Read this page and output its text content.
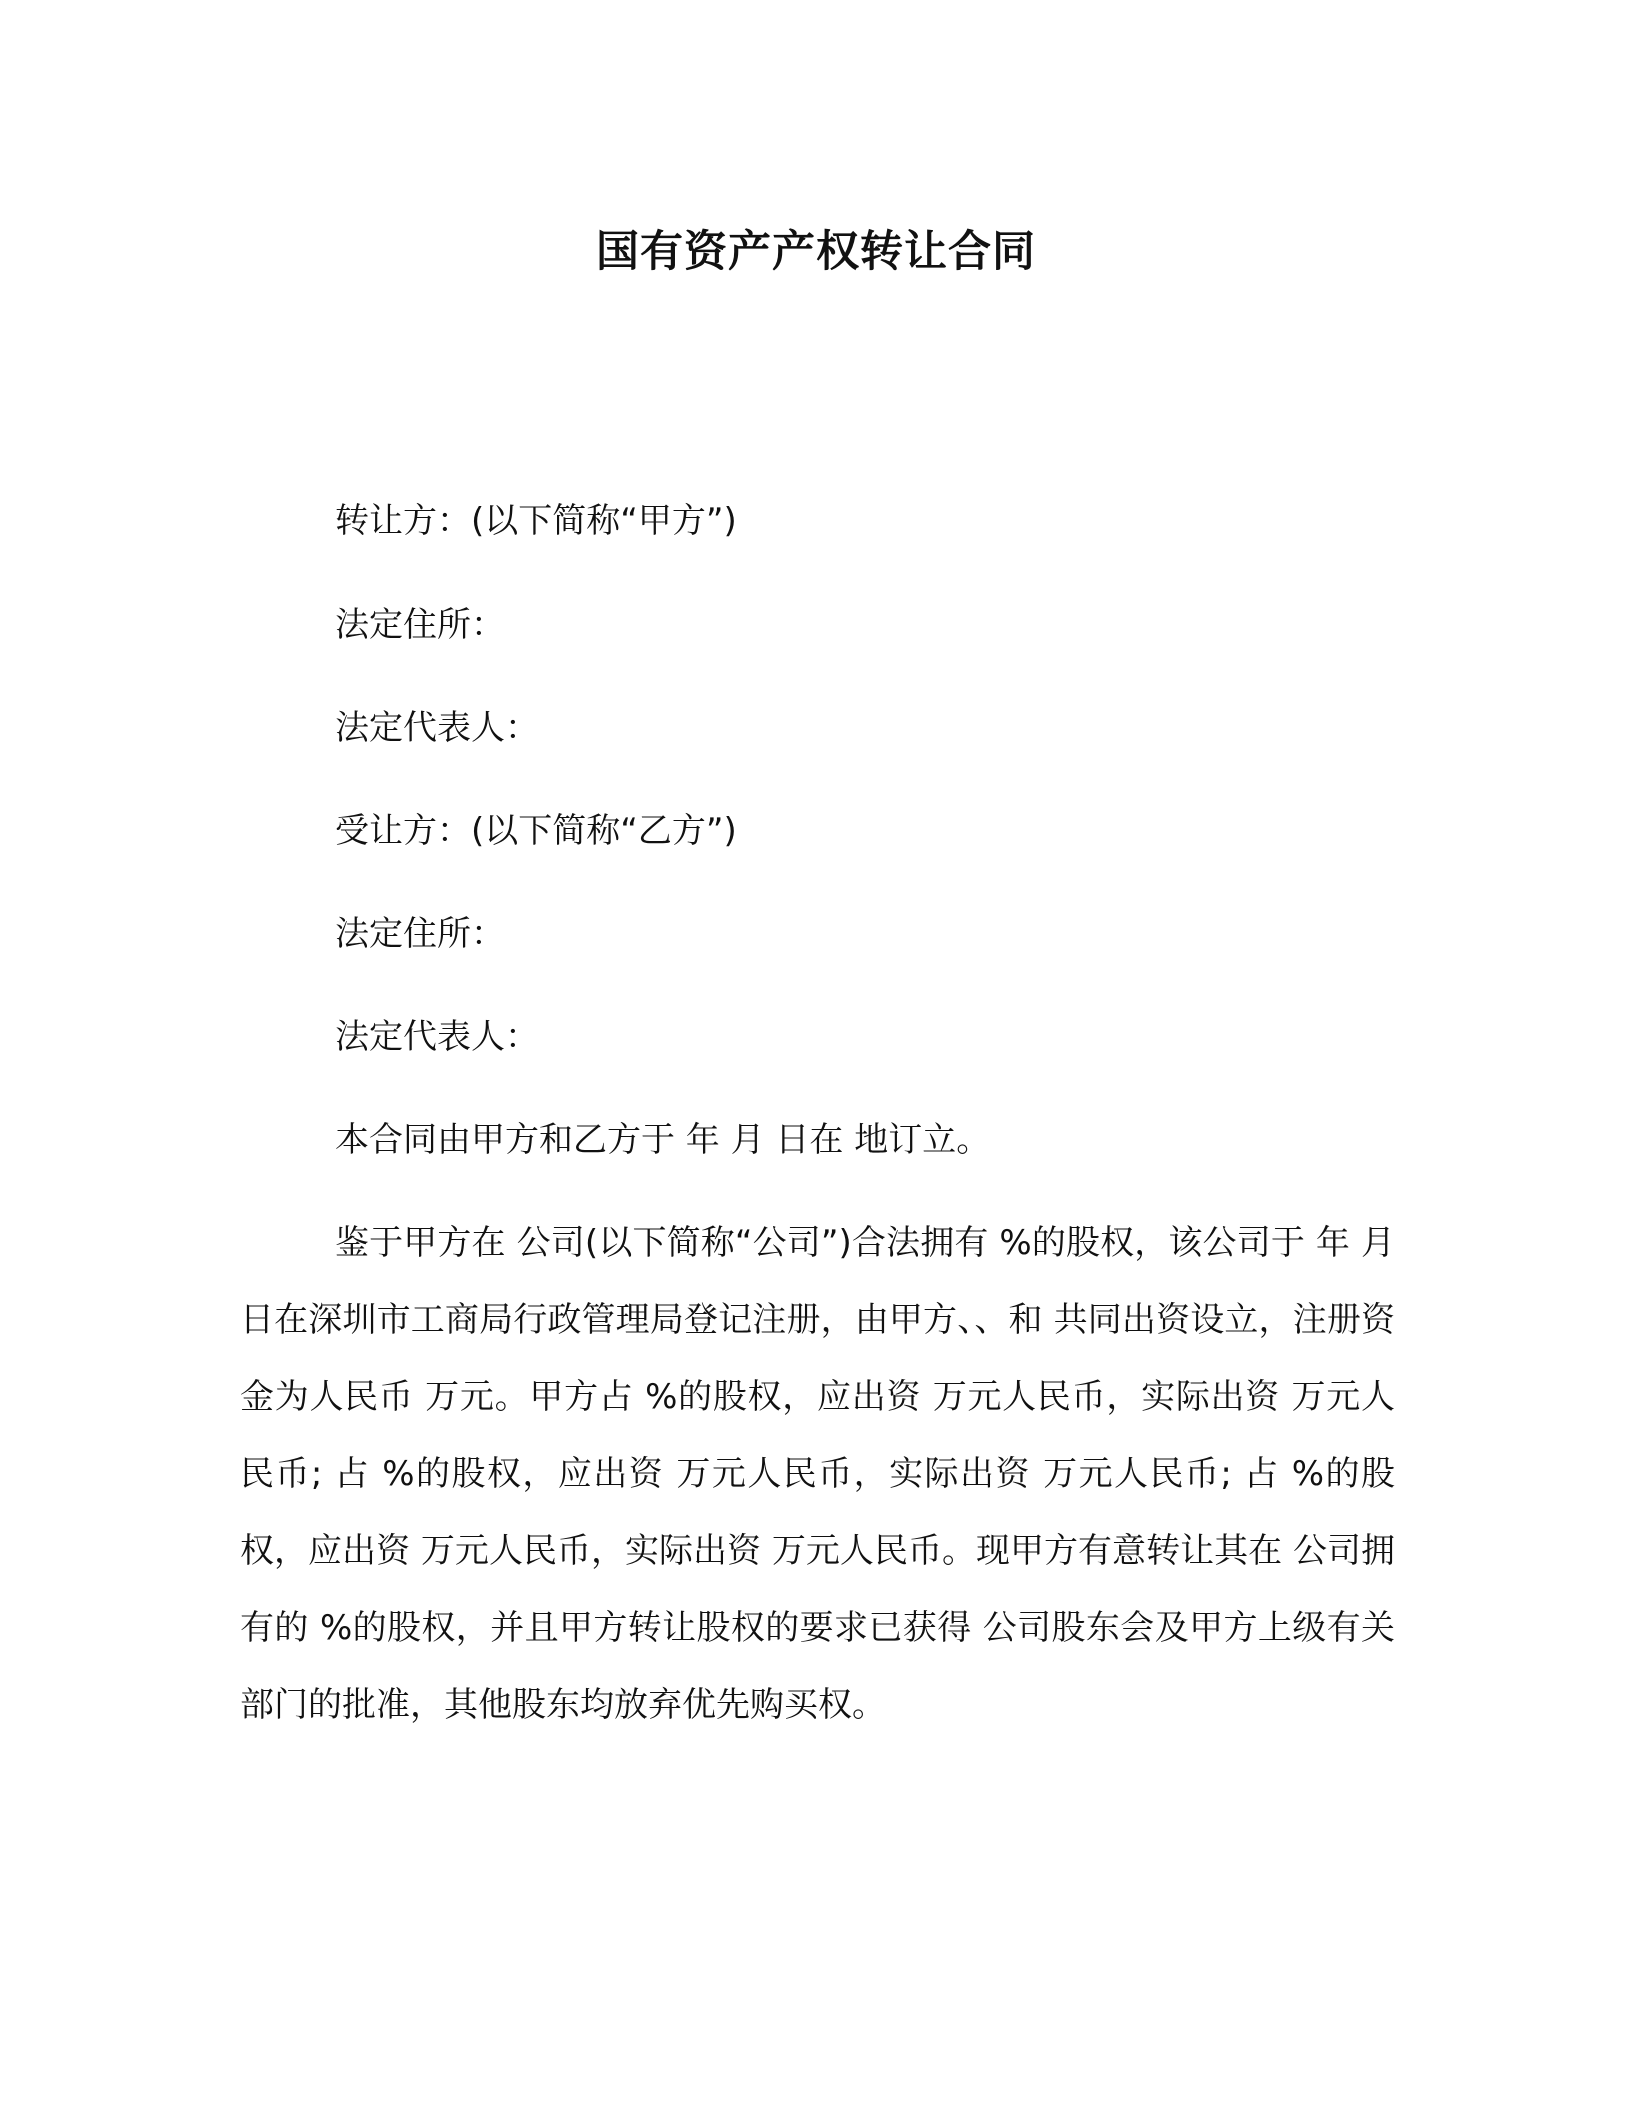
国有资产产权转让合同
转让方：(以下简称“甲方”)
法定住所：
法定代表人：
受让方：(以下简称“乙方”)
法定住所：
法定代表人：
本合同由甲方和乙方于 年 月 日在 地订立。
鉴于甲方在 公司(以下简称“公司”)合法拥有 %的股权，该公司于 年 月 日在深圳市工商局行政管理局登记注册，由甲方、、和 共同出资设立，注册资金为人民币 万元。甲方占 %的股权，应出资 万元人民币，实际出资 万元人民币; 占 %的股权，应出资 万元人民币，实际出资 万元人民币; 占 %的股权，应出资 万元人民币，实际出资 万元人民币。现甲方有意转让其在 公司拥有的 %的股权，并且甲方转让股权的要求已获得 公司股东会及甲方上级有关部门的批准，其他股东均放弃优先购买权。
